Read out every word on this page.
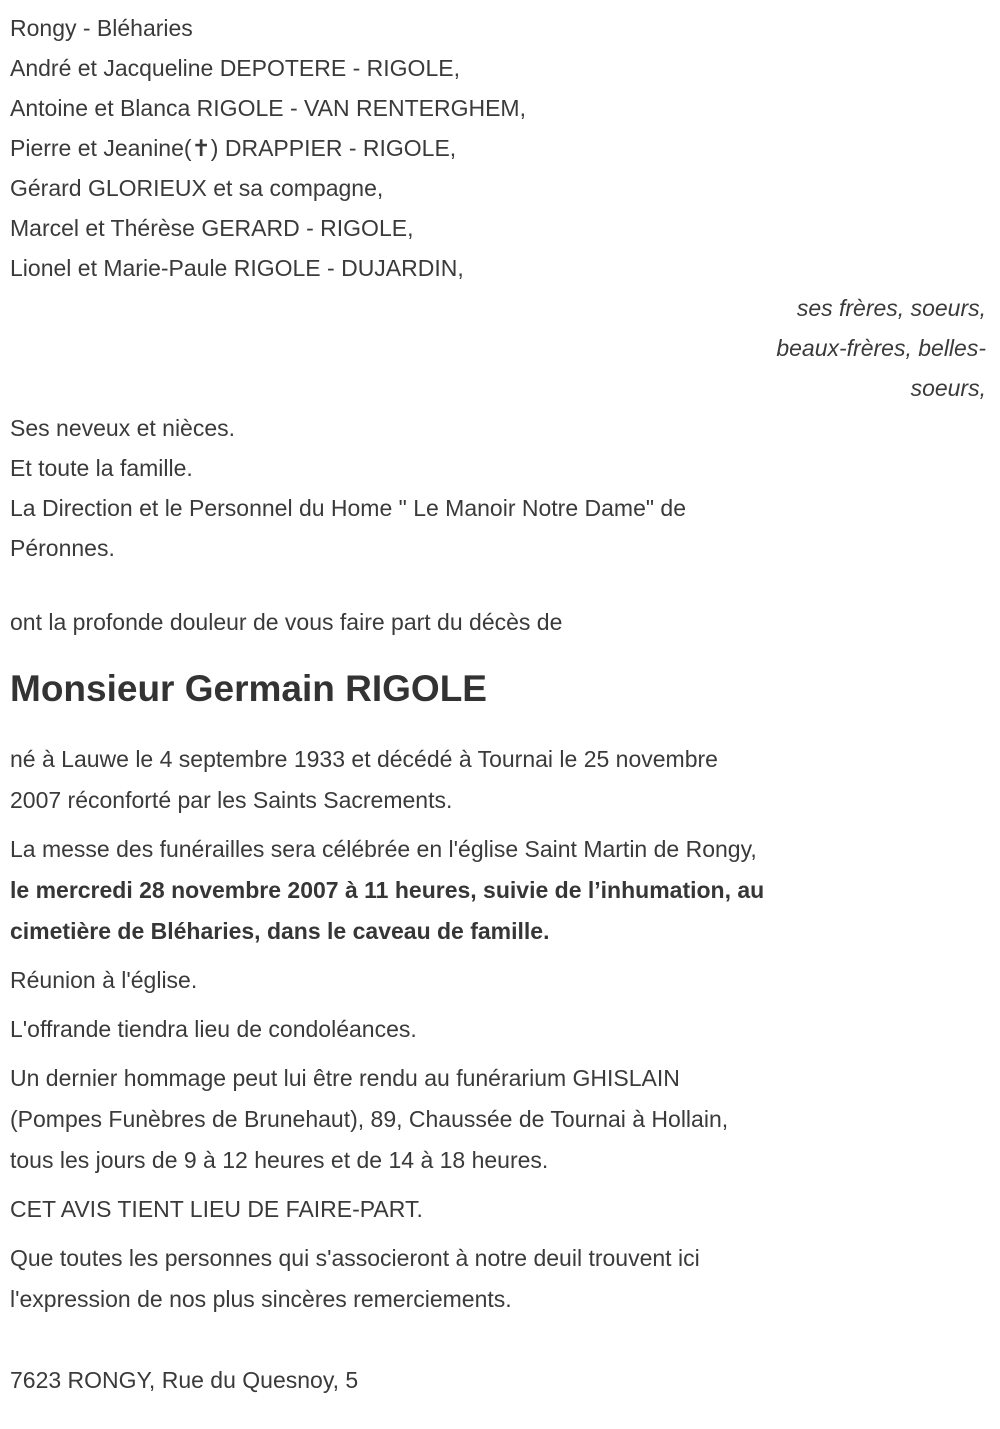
Rongy - Bléharies
André et Jacqueline DEPOTERE - RIGOLE,
Antoine et Blanca RIGOLE - VAN RENTERGHEM,
Pierre et Jeanine(✝) DRAPPIER - RIGOLE,
Gérard GLORIEUX et sa compagne,
Marcel et Thérèse GERARD - RIGOLE,
Lionel et Marie-Paule RIGOLE - DUJARDIN,
ses frères, soeurs,
beaux-frères, belles-
soeurs,
Ses neveux et nièces.
Et toute la famille.
La Direction et le Personnel du Home " Le Manoir Notre Dame" de
Péronnes.

ont la profonde douleur de vous faire part du décès de

Monsieur Germain RIGOLE

né à Lauwe le 4 septembre 1933 et décédé à Tournai le 25 novembre
2007 réconforté par les Saints Sacrements.

La messe des funérailles sera célébrée en l'église Saint Martin de Rongy,
le mercredi 28 novembre 2007 à 11 heures, suivie de l’inhumation, au
cimetière de Bléharies, dans le caveau de famille.

Réunion à l'église.

L'offrande tiendra lieu de condoléances.

Un dernier hommage peut lui être rendu au funérarium GHISLAIN
(Pompes Funèbres de Brunehaut), 89, Chaussée de Tournai à Hollain,
tous les jours de 9 à 12 heures et de 14 à 18 heures.

CET AVIS TIENT LIEU DE FAIRE-PART.

Que toutes les personnes qui s'associeront à notre deuil trouvent ici
l'expression de nos plus sincères remerciements.

7623 RONGY, Rue du Quesnoy, 5
